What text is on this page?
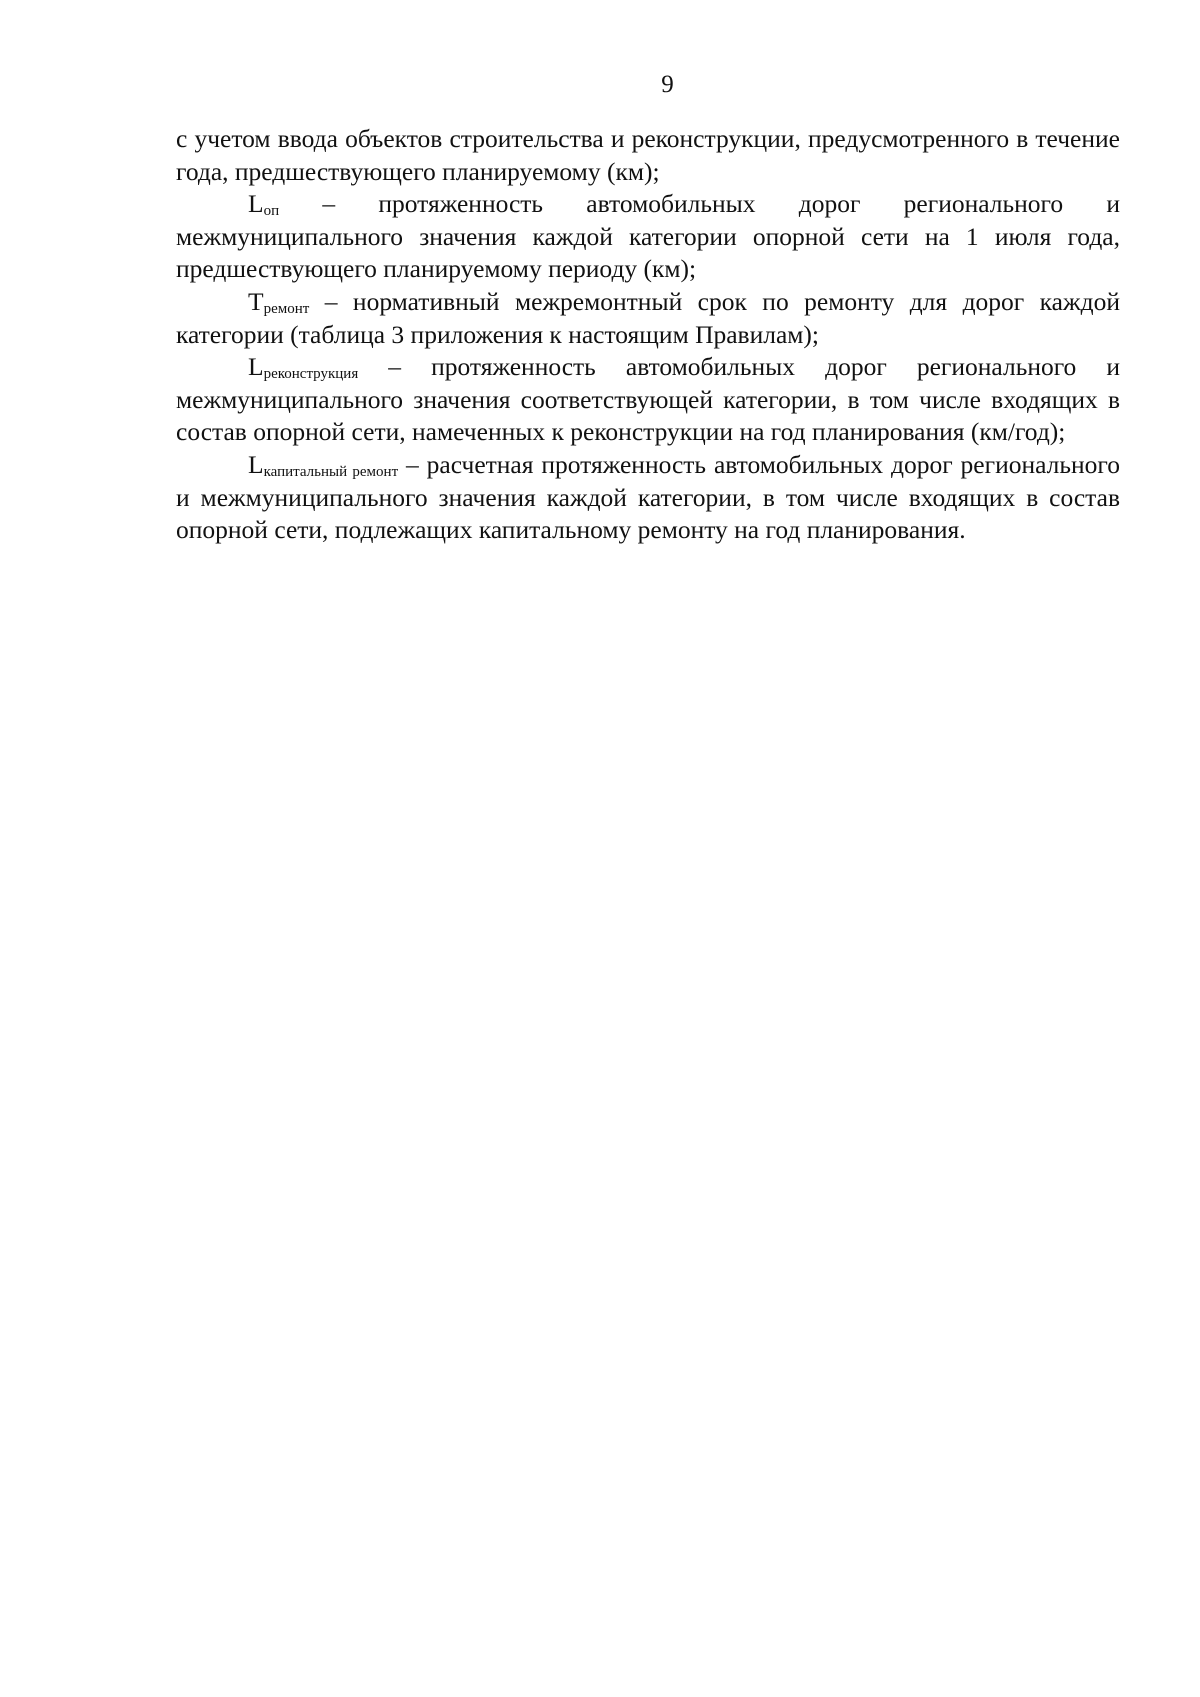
9

с учетом ввода объектов строительства и реконструкции, предусмотренного в течение года, предшествующего планируемому (км);

$L_{оп}$ – протяженность автомобильных дорог регионального и межмуниципального значения каждой категории опорной сети на 1 июля года, предшествующего планируемому периоду (км);

$T_{ремонт}$ – нормативный межремонтный срок по ремонту для дорог каждой категории (таблица 3 приложения к настоящим Правилам);

$L_{реконструкция}$ – протяженность автомобильных дорог регионального и межмуниципального значения соответствующей категории, в том числе входящих в состав опорной сети, намеченных к реконструкции на год планирования (км/год);

$L_{капитальный ремонт}$ – расчетная протяженность автомобильных дорог регионального и межмуниципального значения каждой категории, в том числе входящих в состав опорной сети, подлежащих капитальному ремонту на год планирования.
